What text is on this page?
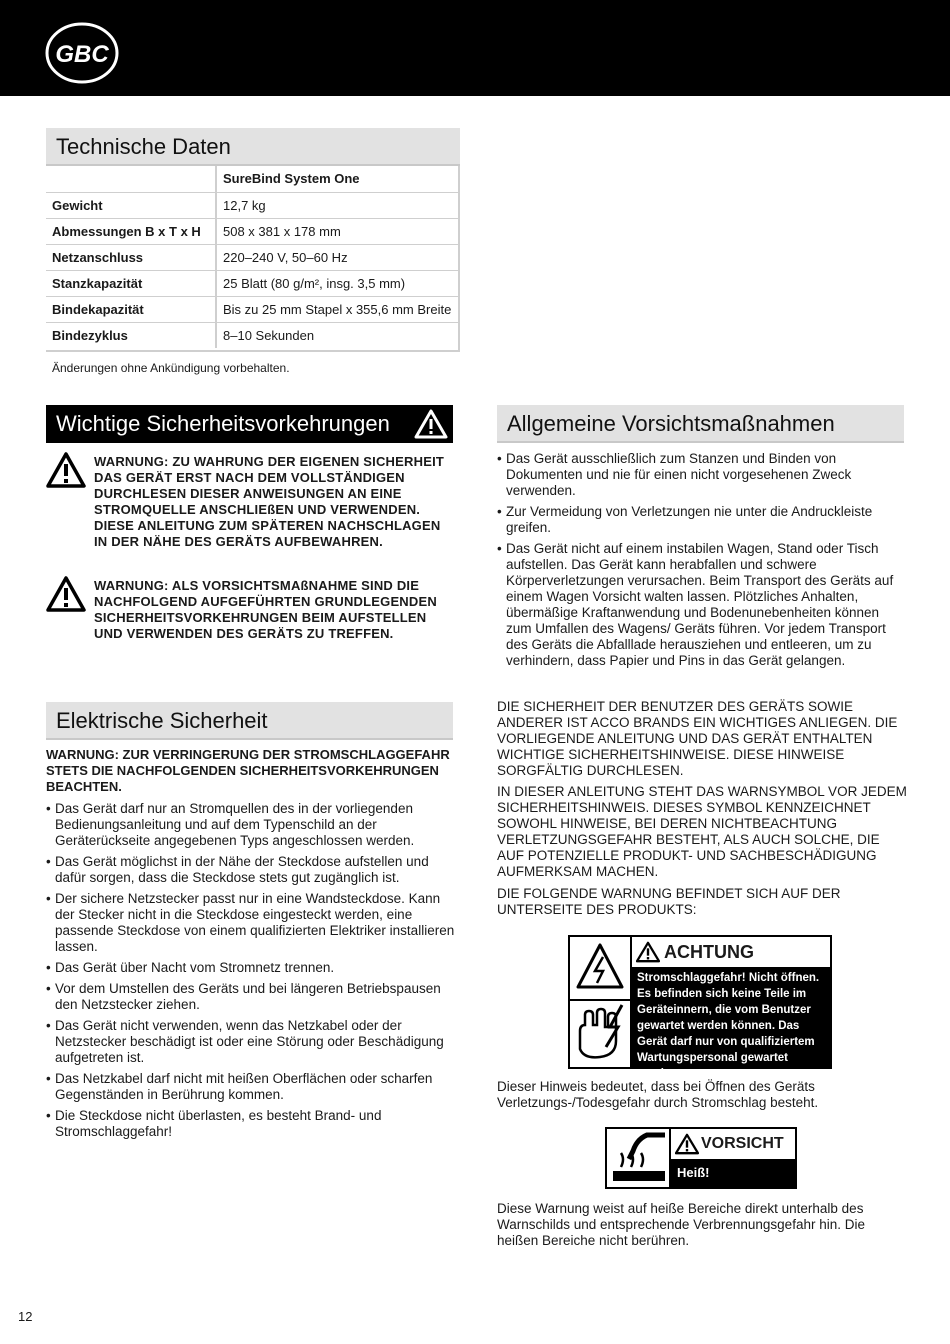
GBC
Technische Daten
	SureBind System One
Gewicht	12,7 kg
Abmessungen B x T x H	508 x 381 x 178 mm
Netzanschluss	220–240 V, 50–60 Hz
Stanzkapazität	25 Blatt (80 g/m², insg. 3,5 mm)
Bindekapazität	Bis zu 25 mm Stapel x 355,6 mm Breite
Bindezyklus	8–10 Sekunden
Änderungen ohne Ankündigung vorbehalten.
Wichtige Sicherheitsvorkehrungen
WARNUNG: ZU WAHRUNG DER EIGENEN SICHERHEIT DAS GERÄT ERST NACH DEM VOLLSTÄNDIGEN DURCHLESEN DIESER ANWEISUNGEN AN EINE STROMQUELLE ANSCHLIEßEN UND VERWENDEN. DIESE ANLEITUNG ZUM SPÄTEREN NACHSCHLAGEN IN DER NÄHE DES GERÄTS AUFBEWAHREN.
WARNUNG: ALS VORSICHTSMAßNAHME SIND DIE NACHFOLGEND AUFGEFÜHRTEN GRUNDLEGENDEN SICHERHEITSVORKEHRUNGEN BEIM AUFSTELLEN UND VERWENDEN DES GERÄTS ZU TREFFEN.
Elektrische Sicherheit
WARNUNG: ZUR VERRINGERUNG DER STROMSCHLAGGEFAHR STETS DIE NACHFOLGENDEN SICHERHEITSVORKEHRUNGEN BEACHTEN.
• Das Gerät darf nur an Stromquellen des in der vorliegenden Bedienungsanleitung und auf dem Typenschild an der Geräterückseite angegebenen Typs angeschlossen werden.
• Das Gerät möglichst in der Nähe der Steckdose aufstellen und dafür sorgen, dass die Steckdose stets gut zugänglich ist.
• Der sichere Netzstecker passt nur in eine Wandsteckdose. Kann der Stecker nicht in die Steckdose eingesteckt werden, eine passende Steckdose von einem qualifizierten Elektriker installieren lassen.
• Das Gerät über Nacht vom Stromnetz trennen.
• Vor dem Umstellen des Geräts und bei längeren Betriebspausen den Netzstecker ziehen.
• Das Gerät nicht verwenden, wenn das Netzkabel oder der Netzstecker beschädigt ist oder eine Störung oder Beschädigung aufgetreten ist.
• Das Netzkabel darf nicht mit heißen Oberflächen oder scharfen Gegenständen in Berührung kommen.
• Die Steckdose nicht überlasten, es besteht Brand- und Stromschlaggefahr!
Allgemeine Vorsichtsmaßnahmen
• Das Gerät ausschließlich zum Stanzen und Binden von Dokumenten und nie für einen nicht vorgesehenen Zweck verwenden.
• Zur Vermeidung von Verletzungen nie unter die Andruckleiste greifen.
• Das Gerät nicht auf einem instabilen Wagen, Stand oder Tisch aufstellen. Das Gerät kann herabfallen und schwere Körperverletzungen verursachen. Beim Transport des Geräts auf einem Wagen Vorsicht walten lassen. Plötzliches Anhalten, übermäßige Kraftanwendung und Bodenunebenheiten können zum Umfallen des Wagens/ Geräts führen. Vor jedem Transport des Geräts die Abfalllade herausziehen und entleeren, um zu verhindern, dass Papier und Pins in das Gerät gelangen.
DIE SICHERHEIT DER BENUTZER DES GERÄTS SOWIE ANDERER IST ACCO BRANDS EIN WICHTIGES ANLIEGEN. DIE VORLIEGENDE ANLEITUNG UND DAS GERÄT ENTHALTEN WICHTIGE SICHERHEITSHINWEISE. DIESE HINWEISE SORGFÄLTIG DURCHLESEN.
IN DIESER ANLEITUNG STEHT DAS WARNSYMBOL VOR JEDEM SICHERHEITSHINWEIS. DIESES SYMBOL KENNZEICHNET SOWOHL HINWEISE, BEI DEREN NICHTBEACHTUNG VERLETZUNGSGEFAHR BESTEHT, ALS AUCH SOLCHE, DIE AUF POTENZIELLE PRODUKT- UND SACHBESCHÄDIGUNG AUFMERKSAM MACHEN.
DIE FOLGENDE WARNUNG BEFINDET SICH AUF DER UNTERSEITE DES PRODUKTS:
ACHTUNG
Stromschlaggefahr! Nicht öffnen. Es befinden sich keine Teile im Geräteinnern, die vom Benutzer gewartet werden können. Das Gerät darf nur von qualifiziertem Wartungspersonal gewartet werden.
Dieser Hinweis bedeutet, dass bei Öffnen des Geräts Verletzungs-/Todesgefahr durch Stromschlag besteht.
VORSICHT
Heiß!
Diese Warnung weist auf heiße Bereiche direkt unterhalb des Warnschilds und entsprechende Verbrennungsgefahr hin. Die heißen Bereiche nicht berühren.
12
